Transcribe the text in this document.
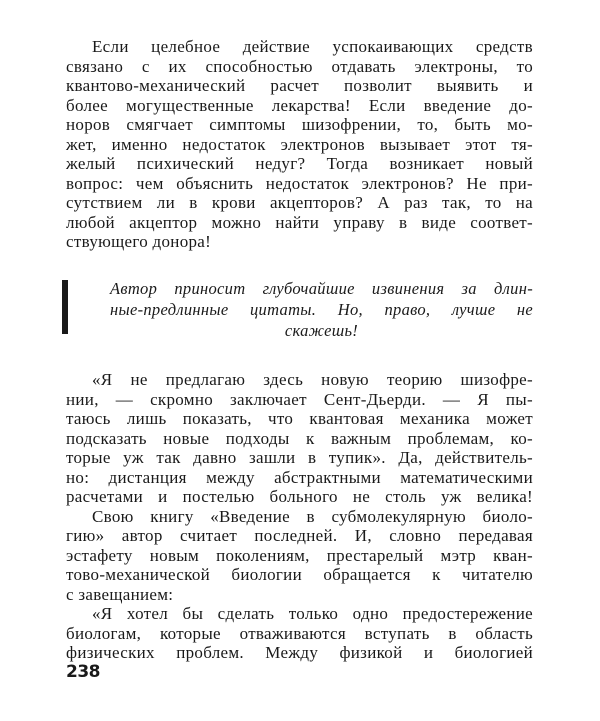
Если целебное действие успокаивающих средств
связано с их способностью отдавать электроны, то
квантово-механический расчет позволит выявить и
более могущественные лекарства! Если введение до-
норов смягчает симптомы шизофрении, то, быть мо-
жет, именно недостаток электронов вызывает этот тя-
желый психический недуг? Тогда возникает новый
вопрос: чем объяснить недостаток электронов? Не при-
сутствием ли в крови акцепторов? А раз так, то на
любой акцептор можно найти управу в виде соответ-
ствующего донора!
Автор приносит глубочайшие извинения за длин-
ные-предлинные цитаты. Но, право, лучше не
скажешь!
«Я не предлагаю здесь новую теорию шизофре-
нии, — скромно заключает Сент-Дьерди. — Я пы-
таюсь лишь показать, что квантовая механика может
подсказать новые подходы к важным проблемам, ко-
торые уж так давно зашли в тупик». Да, действитель-
но: дистанция между абстрактными математическими
расчетами и постелью больного не столь уж велика!
Свою книгу «Введение в субмолекулярную биоло-
гию» автор считает последней. И, словно передавая
эстафету новым поколениям, престарелый мэтр кван-
тово-механической биологии обращается к читателю
с завещанием:
«Я хотел бы сделать только одно предостережение
биологам, которые отваживаются вступать в область
физических проблем. Между физикой и биологией
238
